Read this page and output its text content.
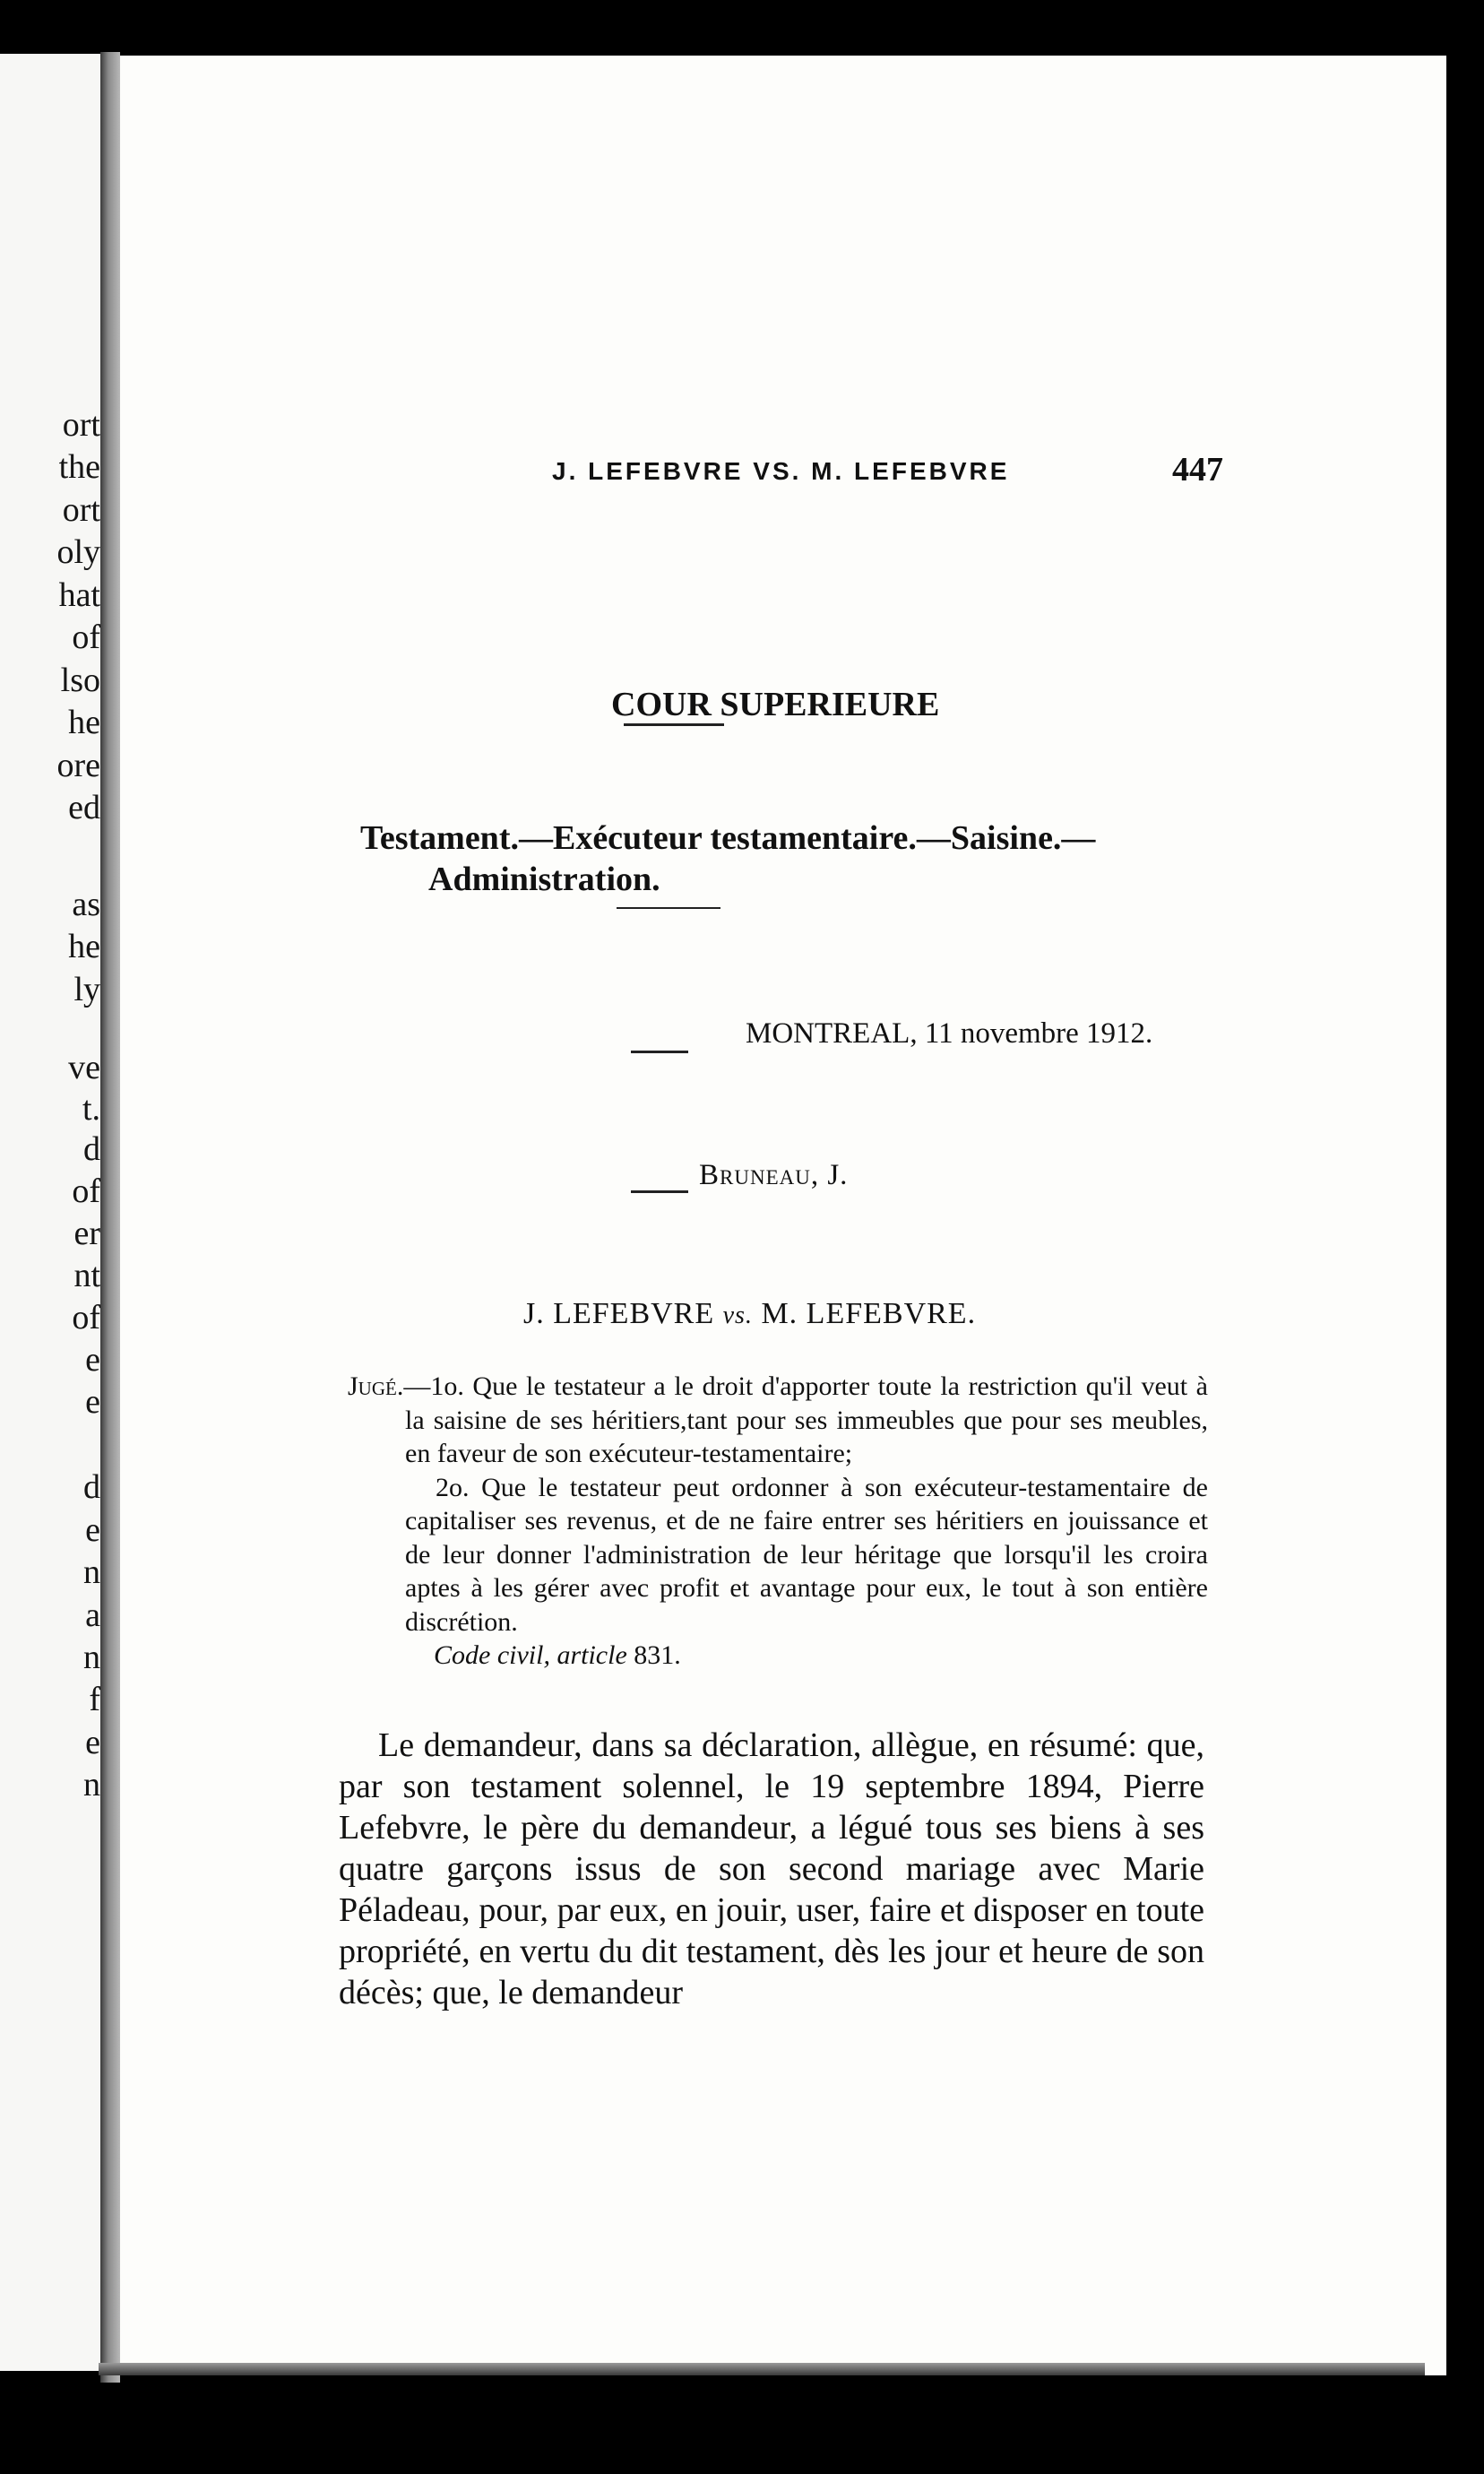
ort
the
ort
oly
hat
of
lso
he
ore
ed
as
he
ly
ve
t.
d
of
er
nt
of
e
e
d
e
n
a
n
f
e
n
J. LEFEBVRE VS. M. LEFEBVRE	447
COUR SUPERIEURE
Testament.—Exécuteur testamentaire.—Saisine.—
Administration.
MONTREAL, 11 novembre 1912.
Bruneau, J.
J. LEFEBVRE vs. M. LEFEBVRE.

Jugé.—1o. Que le testateur a le droit d'apporter toute la restriction qu'il veut à la saisine de ses héritiers,tant pour ses immeubles que pour ses meubles, en faveur de son exécuteur-testamentaire;

2o. Que le testateur peut ordonner à son exécuteur-testamentaire de capitaliser ses revenus, et de ne faire entrer ses héritiers en jouissance et de leur donner l'administration de leur héritage que lorsqu'il les croira aptes à les gérer avec profit et avantage pour eux, le tout à son entière discrétion.

Code civil, article 831.

Le demandeur, dans sa déclaration, allègue, en résumé: que, par son testament solennel, le 19 septembre 1894, Pierre Lefebvre, le père du demandeur, a légué tous ses biens à ses quatre garçons issus de son second mariage avec Marie Péladeau, pour, par eux, en jouir, user, faire et disposer en toute propriété, en vertu du dit testament, dès les jour et heure de son décès; que, le demandeur
